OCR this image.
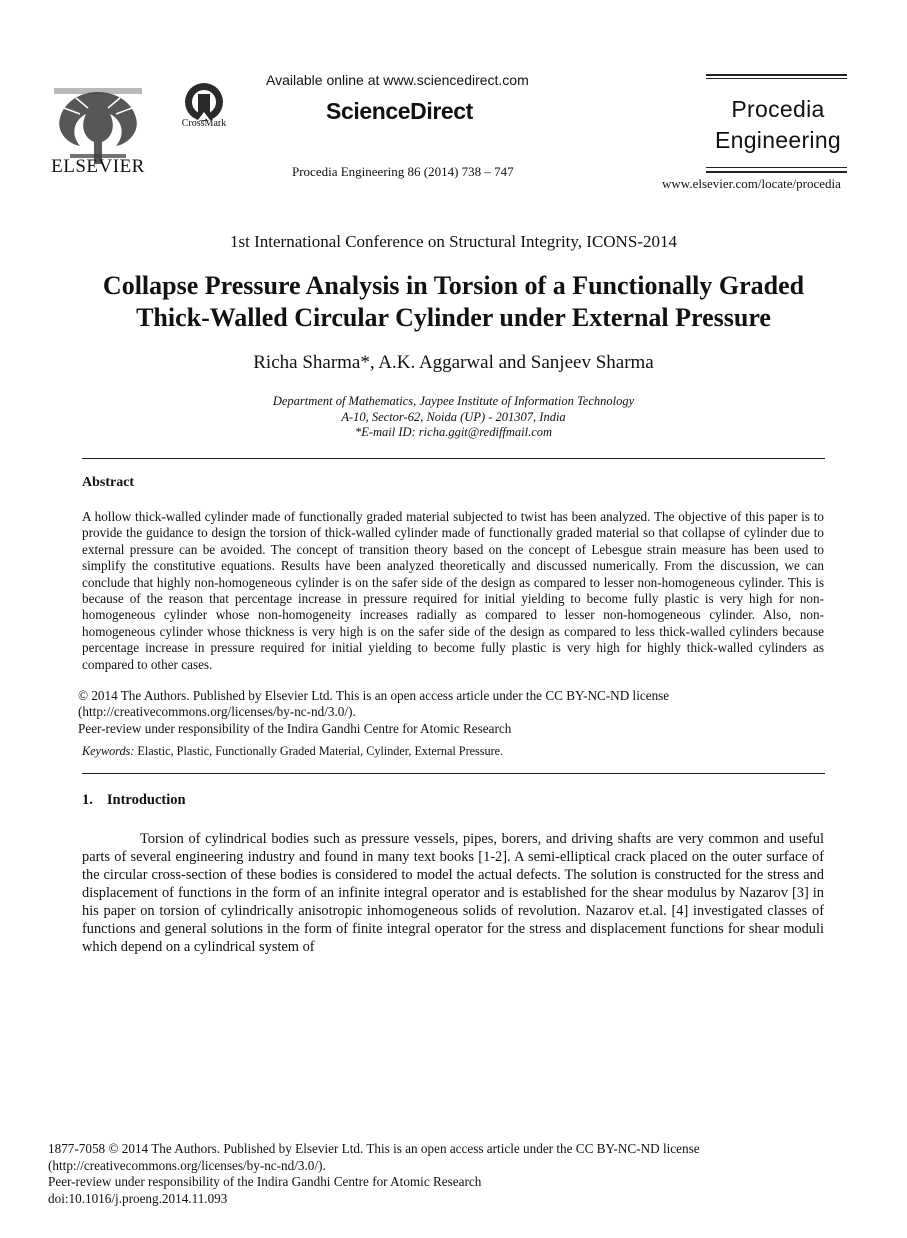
ELSEVIER
CrossMark
Available online at www.sciencedirect.com
ScienceDirect
Procedia Engineering 86 (2014) 738 – 747
Procedia
Engineering
www.elsevier.com/locate/procedia
1st International Conference on Structural Integrity, ICONS-2014
Collapse Pressure Analysis in Torsion of a Functionally Graded
Thick-Walled Circular Cylinder under External Pressure
Richa Sharma*, A.K. Aggarwal and Sanjeev Sharma
Department of Mathematics, Jaypee Institute of Information Technology
A-10, Sector-62, Noida (UP) - 201307, India
*E-mail ID: richa.ggit@rediffmail.com
Abstract
A hollow thick-walled cylinder made of functionally graded material subjected to twist has been analyzed. The objective of this paper is to provide the guidance to design the torsion of thick-walled cylinder made of functionally graded material so that collapse of cylinder due to external pressure can be avoided. The concept of transition theory based on the concept of Lebesgue strain measure has been used to simplify the constitutive equations. Results have been analyzed theoretically and discussed numerically. From the discussion, we can conclude that highly non-homogeneous cylinder is on the safer side of the design as compared to lesser non-homogeneous cylinder. This is because of the reason that percentage increase in pressure required for initial yielding to become fully plastic is very high for non-homogeneous cylinder whose non-homogeneity increases radially as compared to lesser non-homogeneous cylinder. Also, non-homogeneous cylinder whose thickness is very high is on the safer side of the design as compared to less thick-walled cylinders because percentage increase in pressure required for initial yielding to become fully plastic is very high for highly thick-walled cylinders as compared to other cases.
© 2014 The Authors. Published by Elsevier Ltd. This is an open access article under the CC BY-NC-ND license
(http://creativecommons.org/licenses/by-nc-nd/3.0/).
Peer-review under responsibility of the Indira Gandhi Centre for Atomic Research
Keywords: Elastic, Plastic, Functionally Graded Material, Cylinder, External Pressure.
1. Introduction
Torsion of cylindrical bodies such as pressure vessels, pipes, borers, and driving shafts are very common and useful parts of several engineering industry and found in many text books [1-2]. A semi-elliptical crack placed on the outer surface of the circular cross-section of these bodies is considered to model the actual defects. The solution is constructed for the stress and displacement of functions in the form of an infinite integral operator and is established for the shear modulus by Nazarov [3] in his paper on torsion of cylindrically anisotropic inhomogeneous solids of revolution. Nazarov et.al. [4] investigated classes of functions and general solutions in the form of finite integral operator for the stress and displacement functions for shear moduli which depend on a cylindrical system of
1877-7058 © 2014 The Authors. Published by Elsevier Ltd. This is an open access article under the CC BY-NC-ND license
(http://creativecommons.org/licenses/by-nc-nd/3.0/).
Peer-review under responsibility of the Indira Gandhi Centre for Atomic Research
doi:10.1016/j.proeng.2014.11.093
